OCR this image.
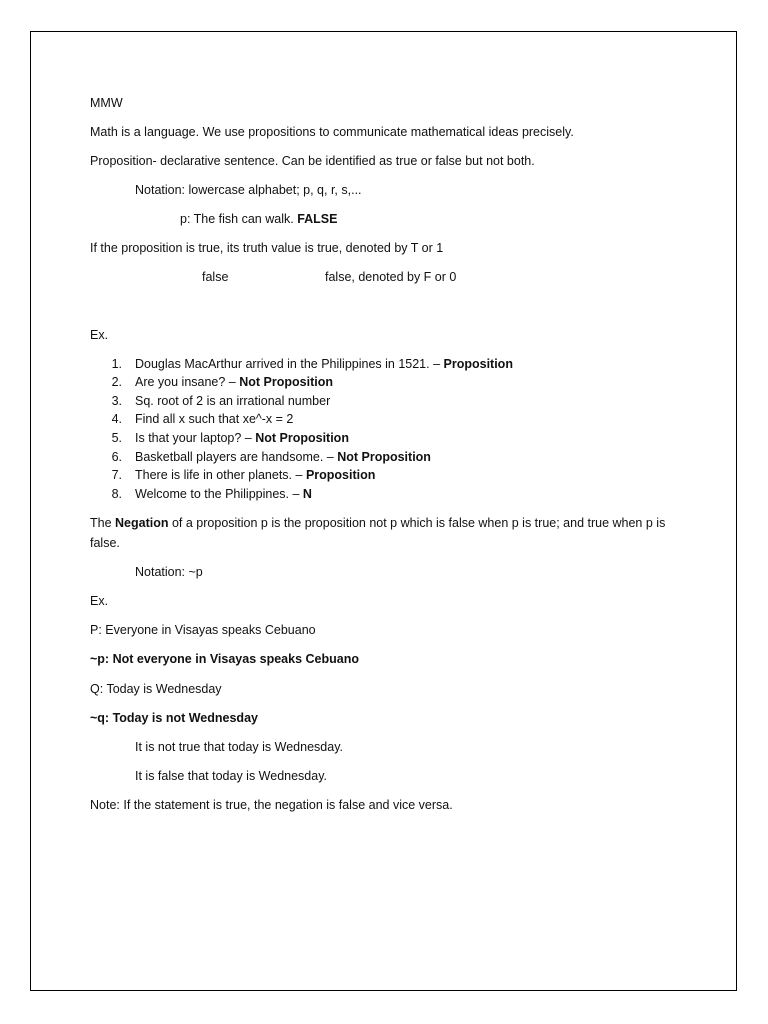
MMW
Math is a language. We use propositions to communicate mathematical ideas precisely.
Proposition- declarative sentence. Can be identified as true or false but not both.
Notation: lowercase alphabet; p, q, r, s,...
p: The fish can walk. FALSE
If the proposition is true, its truth value is true, denoted by T or 1
false	false, denoted by F or 0
Ex.
1. Douglas MacArthur arrived in the Philippines in 1521. – Proposition
2. Are you insane? – Not Proposition
3. Sq. root of 2 is an irrational number
4. Find all x such that xe^-x = 2
5. Is that your laptop? – Not Proposition
6. Basketball players are handsome. – Not Proposition
7. There is life in other planets. – Proposition
8. Welcome to the Philippines. – N
The Negation of a proposition p is the proposition not p which is false when p is true; and true when p is
false.
Notation: ~p
Ex.
P: Everyone in Visayas speaks Cebuano
~p: Not everyone in Visayas speaks Cebuano
Q: Today is Wednesday
~q: Today is not Wednesday
It is not true that today is Wednesday.
It is false that today is Wednesday.
Note: If the statement is true, the negation is false and vice versa.
